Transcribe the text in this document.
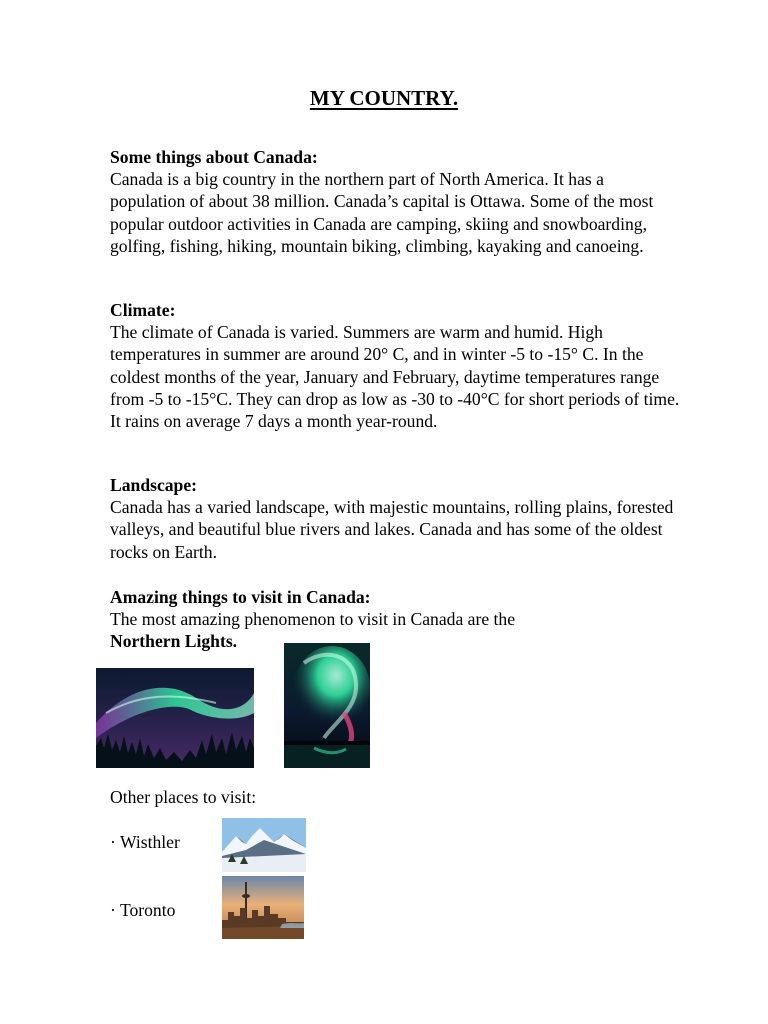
MY COUNTRY.
Some things about Canada:
Canada is a big country in the northern part of North America. It has a population of about 38 million. Canada’s capital is Ottawa. Some of the most popular outdoor activities in Canada are camping, skiing and snowboarding, golfing, fishing, hiking, mountain biking, climbing, kayaking and canoeing.
Climate:
The climate of Canada is varied. Summers are warm and humid. High temperatures in summer are around 20° C, and in winter -5 to -15° C. In the coldest months of the year, January and February, daytime temperatures range from -5 to -15°C. They can drop as low as -30 to -40°C for short periods of time. It rains on average 7 days a month year-round.
Landscape:
Canada has a varied landscape, with majestic mountains, rolling plains, forested valleys, and beautiful blue rivers and lakes. Canada and has some of the oldest rocks on Earth.
Amazing things to visit in Canada:
The most amazing phenomenon to visit in Canada are the
Northern Lights.
Other places to visit:
· Wisthler
· Toronto
